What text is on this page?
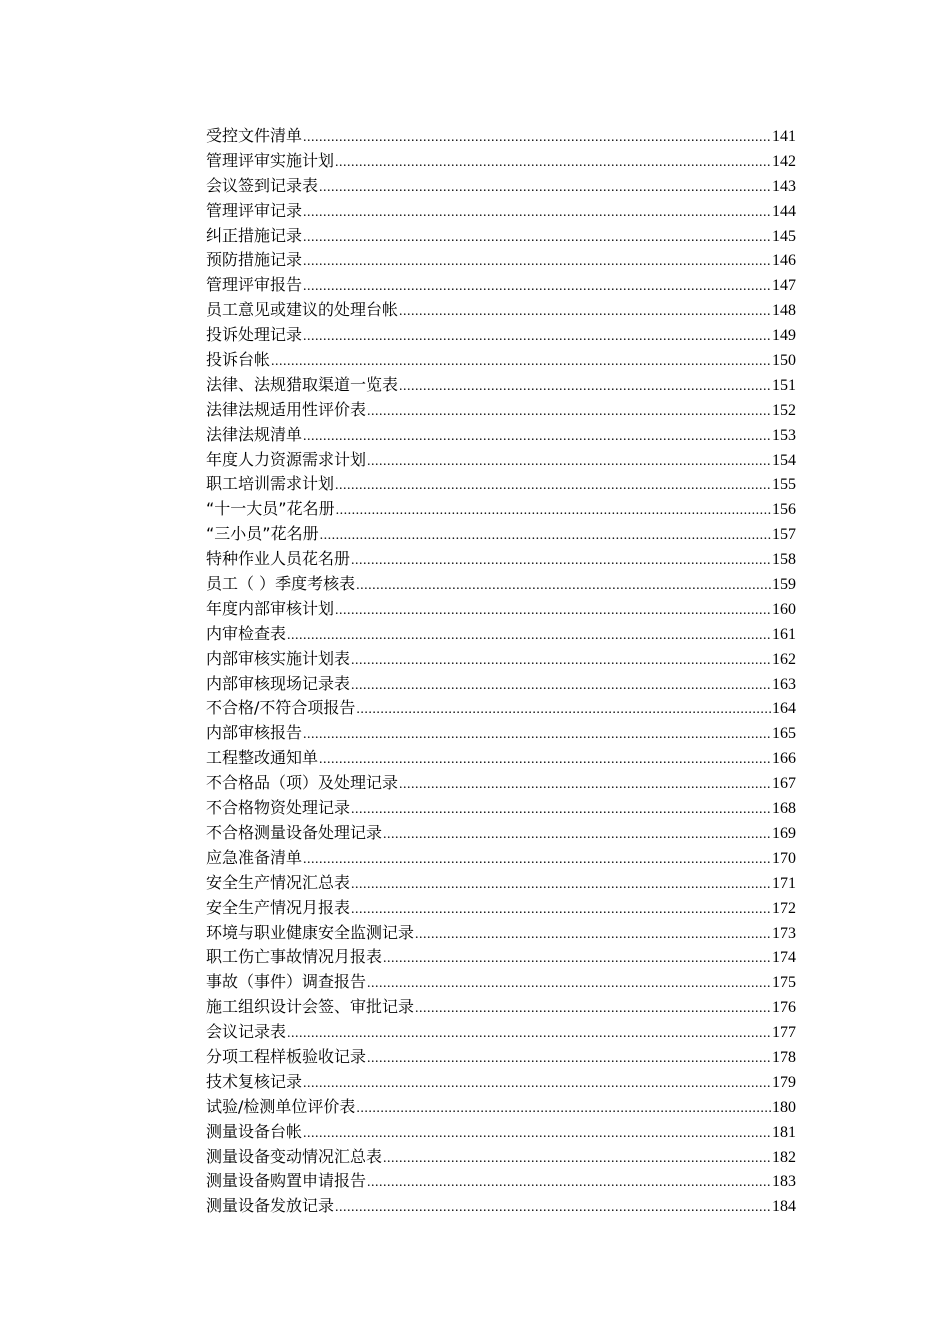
受控文件清单 .....	141
管理评审实施计划 .....	142
会议签到记录表 .....	143
管理评审记录 .....	144
纠正措施记录 .....	145
预防措施记录 .....	146
管理评审报告 .....	147
员工意见或建议的处理台帐 .....	148
投诉处理记录 .....	149
投诉台帐 .....	150
法律、法规猎取渠道一览表 .....	151
法律法规适用性评价表 .....	152
法律法规清单 .....	153
年度人力资源需求计划 .....	154
职工培训需求计划 .....	155
“十一大员”花名册 .....	156
“三小员”花名册 .....	157
特种作业人员花名册 .....	158
员工（ ）季度考核表 .....	159
年度内部审核计划 .....	160
内审检查表 .....	161
内部审核实施计划表 .....	162
内部审核现场记录表 .....	163
不合格/不符合项报告 .....	164
内部审核报告 .....	165
工程整改通知单 .....	166
不合格品（项）及处理记录 .....	167
不合格物资处理记录 .....	168
不合格测量设备处理记录 .....	169
应急准备清单 .....	170
安全生产情况汇总表 .....	171
安全生产情况月报表 .....	172
环境与职业健康安全监测记录 .....	173
职工伤亡事故情况月报表 .....	174
事故（事件）调查报告 .....	175
施工组织设计会签、审批记录 .....	176
会议记录表 .....	177
分项工程样板验收记录 .....	178
技术复核记录 .....	179
试验/检测单位评价表 .....	180
测量设备台帐 .....	181
测量设备变动情况汇总表 .....	182
测量设备购置申请报告 .....	183
测量设备发放记录 .....	184
